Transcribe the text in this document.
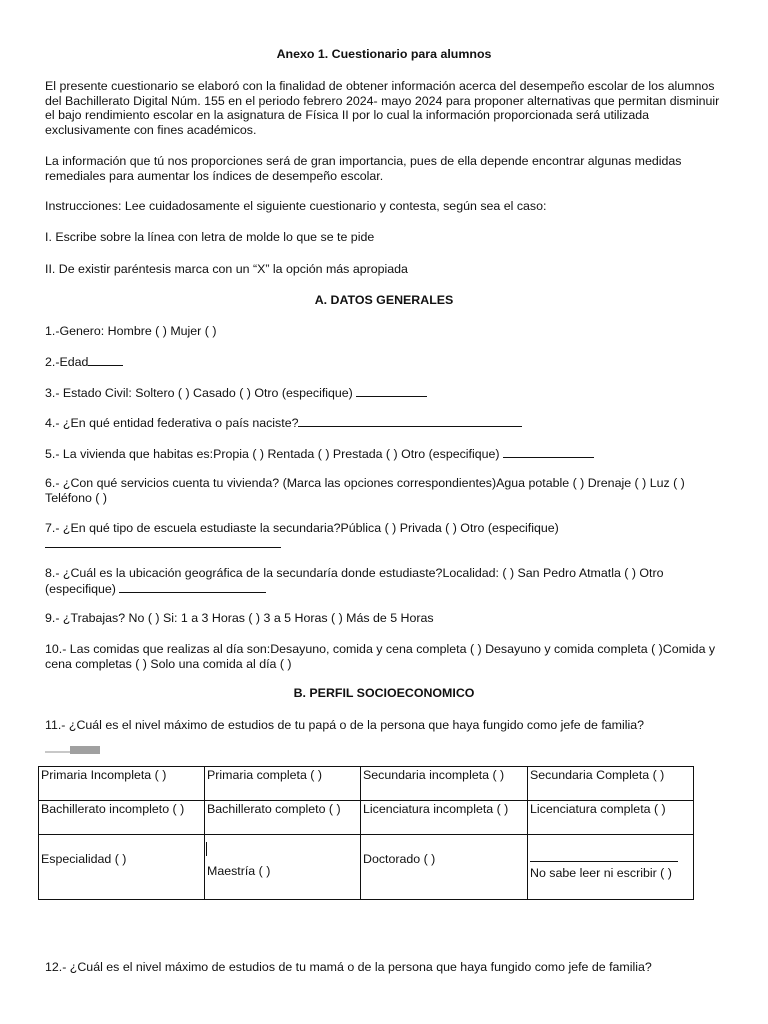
Anexo 1. Cuestionario para alumnos

El presente cuestionario se elaboró con la finalidad de obtener información acerca del desempeño escolar de los alumnos del Bachillerato Digital Núm. 155 en el periodo febrero 2024- mayo 2024 para proponer alternativas que permitan disminuir el bajo rendimiento escolar en la asignatura de Física II por lo cual la información proporcionada será utilizada exclusivamente con fines académicos.

La información que tú nos proporciones será de gran importancia, pues de ella depende encontrar algunas medidas remediales para aumentar los índices de desempeño escolar.

Instrucciones: Lee cuidadosamente el siguiente cuestionario y contesta, según sea el caso:

I. Escribe sobre la línea con letra de molde lo que se te pide

II. De existir paréntesis marca con un “X” la opción más apropiada

A. DATOS GENERALES

1.-Genero: Hombre ( ) Mujer ( )

2.-Edad

3.- Estado Civil: Soltero ( ) Casado ( ) Otro (especifique)

4.- ¿En qué entidad federativa o país naciste?

5.- La vivienda que habitas es:Propia ( ) Rentada ( ) Prestada ( ) Otro (especifique)

6.- ¿Con qué servicios cuenta tu vivienda? (Marca las opciones correspondientes)Agua potable ( ) Drenaje ( ) Luz ( ) Teléfono ( )

7.- ¿En qué tipo de escuela estudiaste la secundaria?Pública ( ) Privada ( ) Otro (especifique)

8.- ¿Cuál es la ubicación geográfica de la secundaría donde estudiaste?Localidad: ( ) San Pedro Atmatla ( ) Otro (especifique)

9.- ¿Trabajas? No ( ) Si: 1 a 3 Horas ( ) 3 a 5 Horas ( ) Más de 5 Horas

10.- Las comidas que realizas al día son:Desayuno, comida y cena completa ( ) Desayuno y comida completa ( )Comida y cena completas ( ) Solo una comida al día ( )

B. PERFIL SOCIOECONOMICO

11.- ¿Cuál es el nivel máximo de estudios de tu papá o de la persona que haya fungido como jefe de familia?

Primaria Incompleta ( )	Primaria completa ( )	Secundaria incompleta ( )	Secundaria Completa ( )

Bachillerato incompleto ( )	Bachillerato completo ( )	Licenciatura incompleta ( )	Licenciatura completa ( )

Especialidad ( )	Maestría ( )	Doctorado ( )	No sabe leer ni escribir ( )

12.- ¿Cuál es el nivel máximo de estudios de tu mamá o de la persona que haya fungido como jefe de familia?
